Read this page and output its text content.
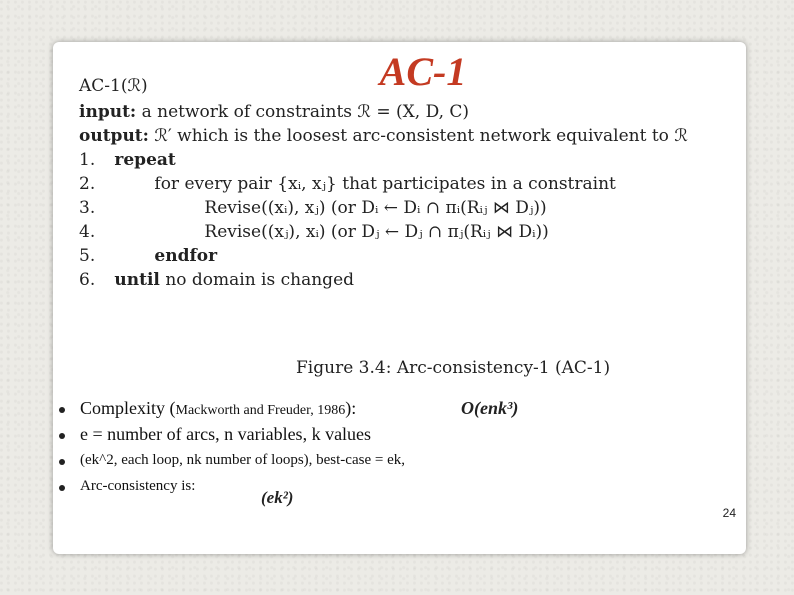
AC-1
AC-1(ℛ)
input: a network of constraints ℛ = (X, D, C)
output: ℛ′ which is the loosest arc-consistent network equivalent to ℛ
1. repeat
2.	for every pair {xᵢ, xⱼ} that participates in a constraint
3.	Revise((xᵢ), xⱼ) (or Dᵢ ← Dᵢ ∩ πᵢ(Rᵢⱼ ⋈ Dⱼ))
4.	Revise((xⱼ), xᵢ) (or Dⱼ ← Dⱼ ∩ πⱼ(Rᵢⱼ ⋈ Dᵢ))
5.	endfor
6. until no domain is changed
Figure 3.4: Arc-consistency-1 (AC-1)
Complexity (Mackworth and Freuder, 1986):
e = number of arcs, n variables, k values
(ek^2, each loop, nk number of loops), best-case = ek,
Arc-consistency is:
O(enk³)
(ek²)
24
